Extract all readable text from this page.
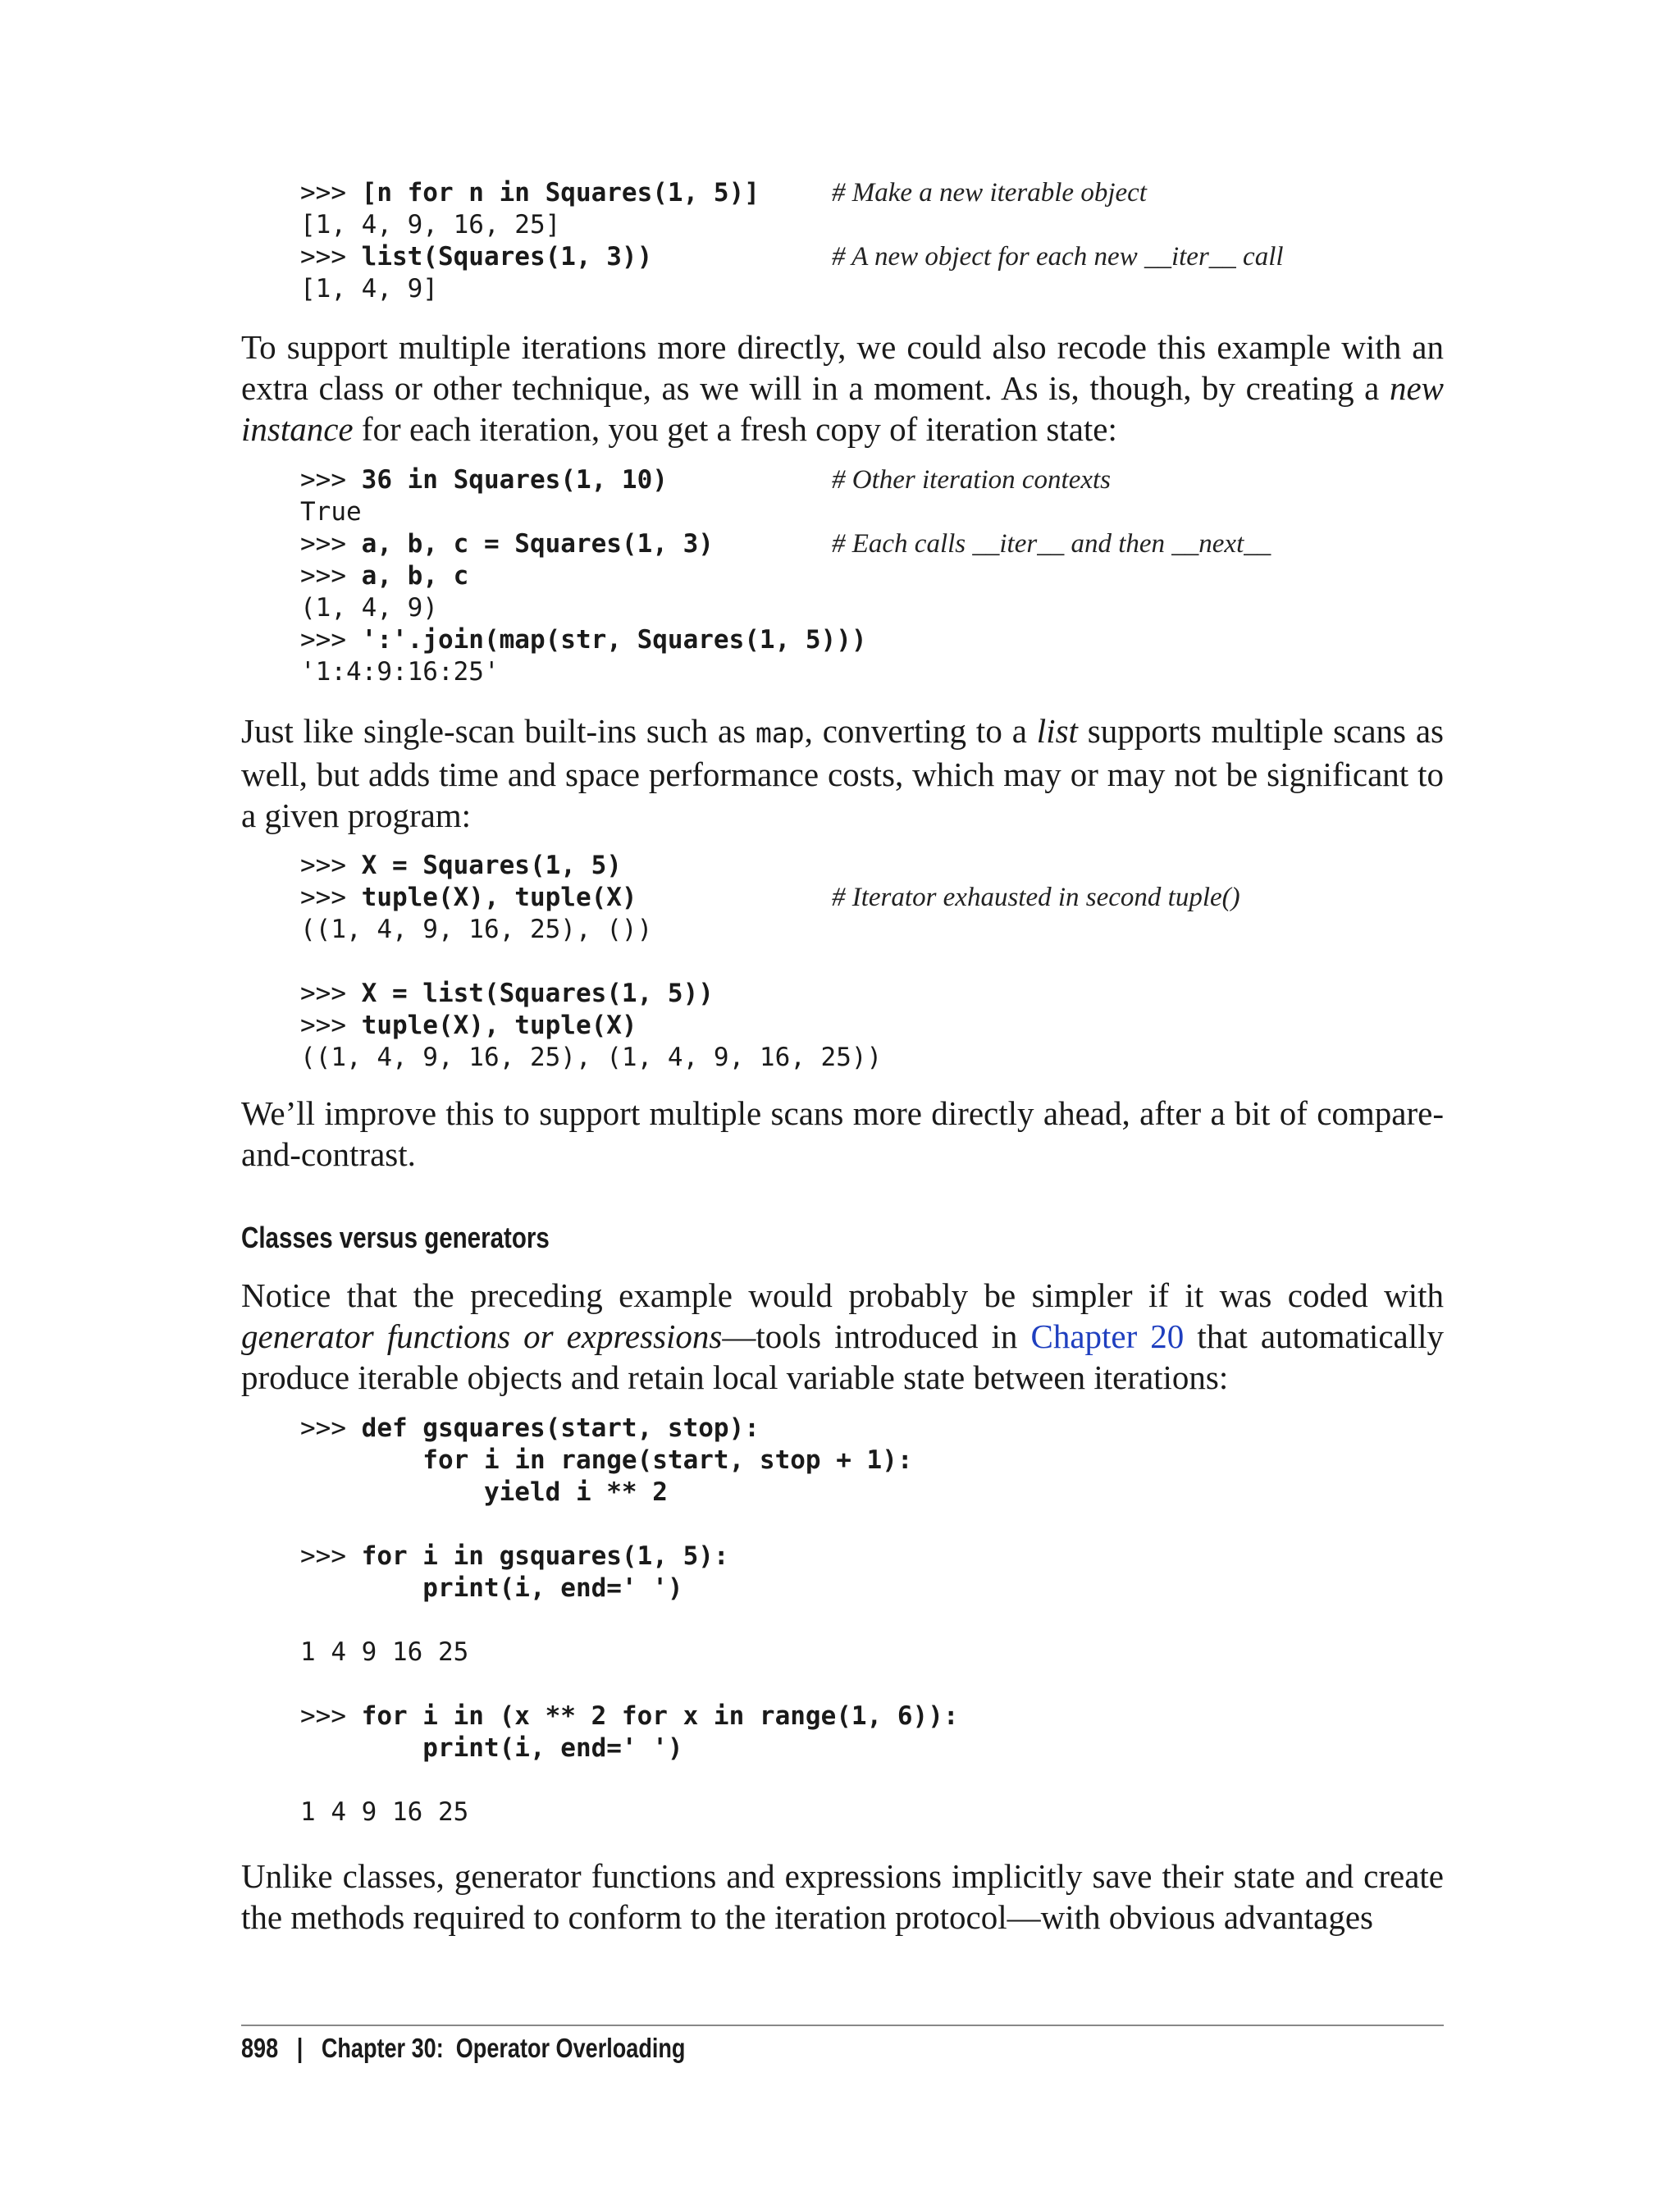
>>> [n for n in Squares(1, 5)]	# Make a new iterable object
[1, 4, 9, 16, 25]
>>> list(Squares(1, 3))	# A new object for each new __iter__ call
[1, 4, 9]
To support multiple iterations more directly, we could also recode this example with an extra class or other technique, as we will in a moment. As is, though, by creating a new instance for each iteration, you get a fresh copy of iteration state:
>>> 36 in Squares(1, 10)	# Other iteration contexts
True
>>> a, b, c = Squares(1, 3)	# Each calls __iter__ and then __next__
>>> a, b, c
(1, 4, 9)
>>> ':'.join(map(str, Squares(1, 5)))
'1:4:9:16:25'
Just like single-scan built-ins such as map, converting to a list supports multiple scans as well, but adds time and space performance costs, which may or may not be significant to a given program:
>>> X = Squares(1, 5)
>>> tuple(X), tuple(X)	# Iterator exhausted in second tuple()
((1, 4, 9, 16, 25), ())
>>> X = list(Squares(1, 5))
>>> tuple(X), tuple(X)
((1, 4, 9, 16, 25), (1, 4, 9, 16, 25))
We’ll improve this to support multiple scans more directly ahead, after a bit of compare-and-contrast.
Classes versus generators
Notice that the preceding example would probably be simpler if it was coded with generator functions or expressions—tools introduced in Chapter 20 that automatically produce iterable objects and retain local variable state between iterations:
>>> def gsquares(start, stop):
for i in range(start, stop + 1):
yield i ** 2
>>> for i in gsquares(1, 5):
print(i, end=' ')
1 4 9 16 25
>>> for i in (x ** 2 for x in range(1, 6)):
print(i, end=' ')
1 4 9 16 25
Unlike classes, generator functions and expressions implicitly save their state and create the methods required to conform to the iteration protocol—with obvious advantages
898 | Chapter 30:  Operator Overloading
